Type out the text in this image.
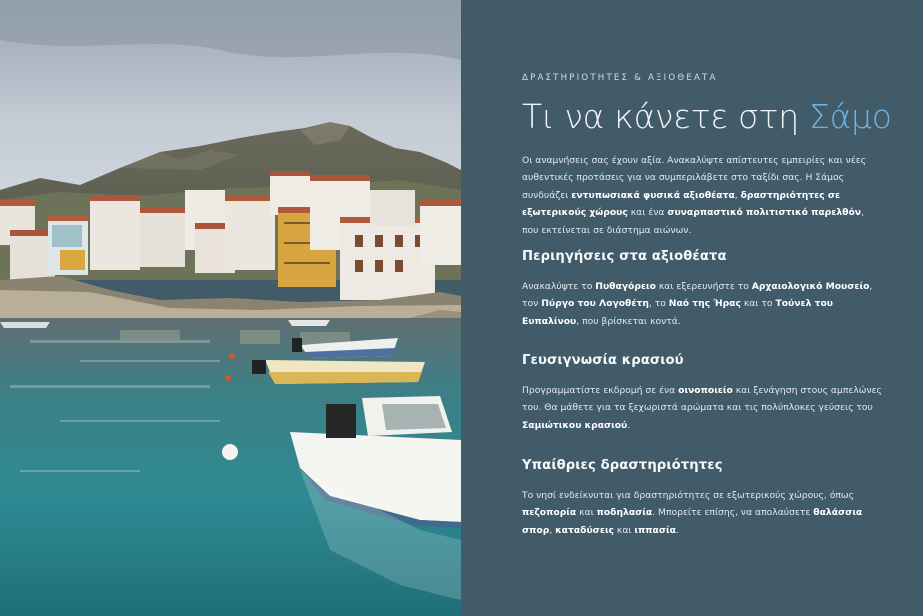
ΔΡΑΣΤΗΡΙΟΤΗΤΕΣ & ΑΞΙΟΘΕΑΤΑ
Τι να κάνετε στη Σάμο

Οι αναμνήσεις σας έχουν αξία. Ανακαλύψτε απίστευτες εμπειρίες και νέες αυθεντικές προτάσεις για να συμπεριλάβετε στο ταξίδι σας. Η Σάμος συνδυάζει εντυπωσιακά φυσικά αξιοθέατα, δραστηριότητες σε εξωτερικούς χώρους και ένα συναρπαστικό πολιτιστικό παρελθόν, που εκτείνεται σε διάστημα αιώνων.

Περιηγήσεις στα αξιοθέατα

Ανακαλύψτε το Πυθαγόρειο και εξερευνήστε το Αρχαιολογικό Μουσείο, τον Πύργο του Λογοθέτη, το Ναό της Ήρας και το Τούνελ του Ευπαλίνου, που βρίσκεται κοντά.

Γευσιγνωσία κρασιού

Προγραμματίστε εκδρομή σε ένα οινοποιείο και ξενάγηση στους αμπελώνες του. Θα μάθετε για τα ξεχωριστά αρώματα και τις πολύπλοκες γεύσεις του Σαμιώτικου κρασιού.

Υπαίθριες δραστηριότητες

Το νησί ενδείκνυται για δραστηριότητες σε εξωτερικούς χώρους, όπως πεζοπορία και ποδηλασία. Μπορείτε επίσης, να απολαύσετε θαλάσσια σπορ, καταδύσεις και ιππασία.
